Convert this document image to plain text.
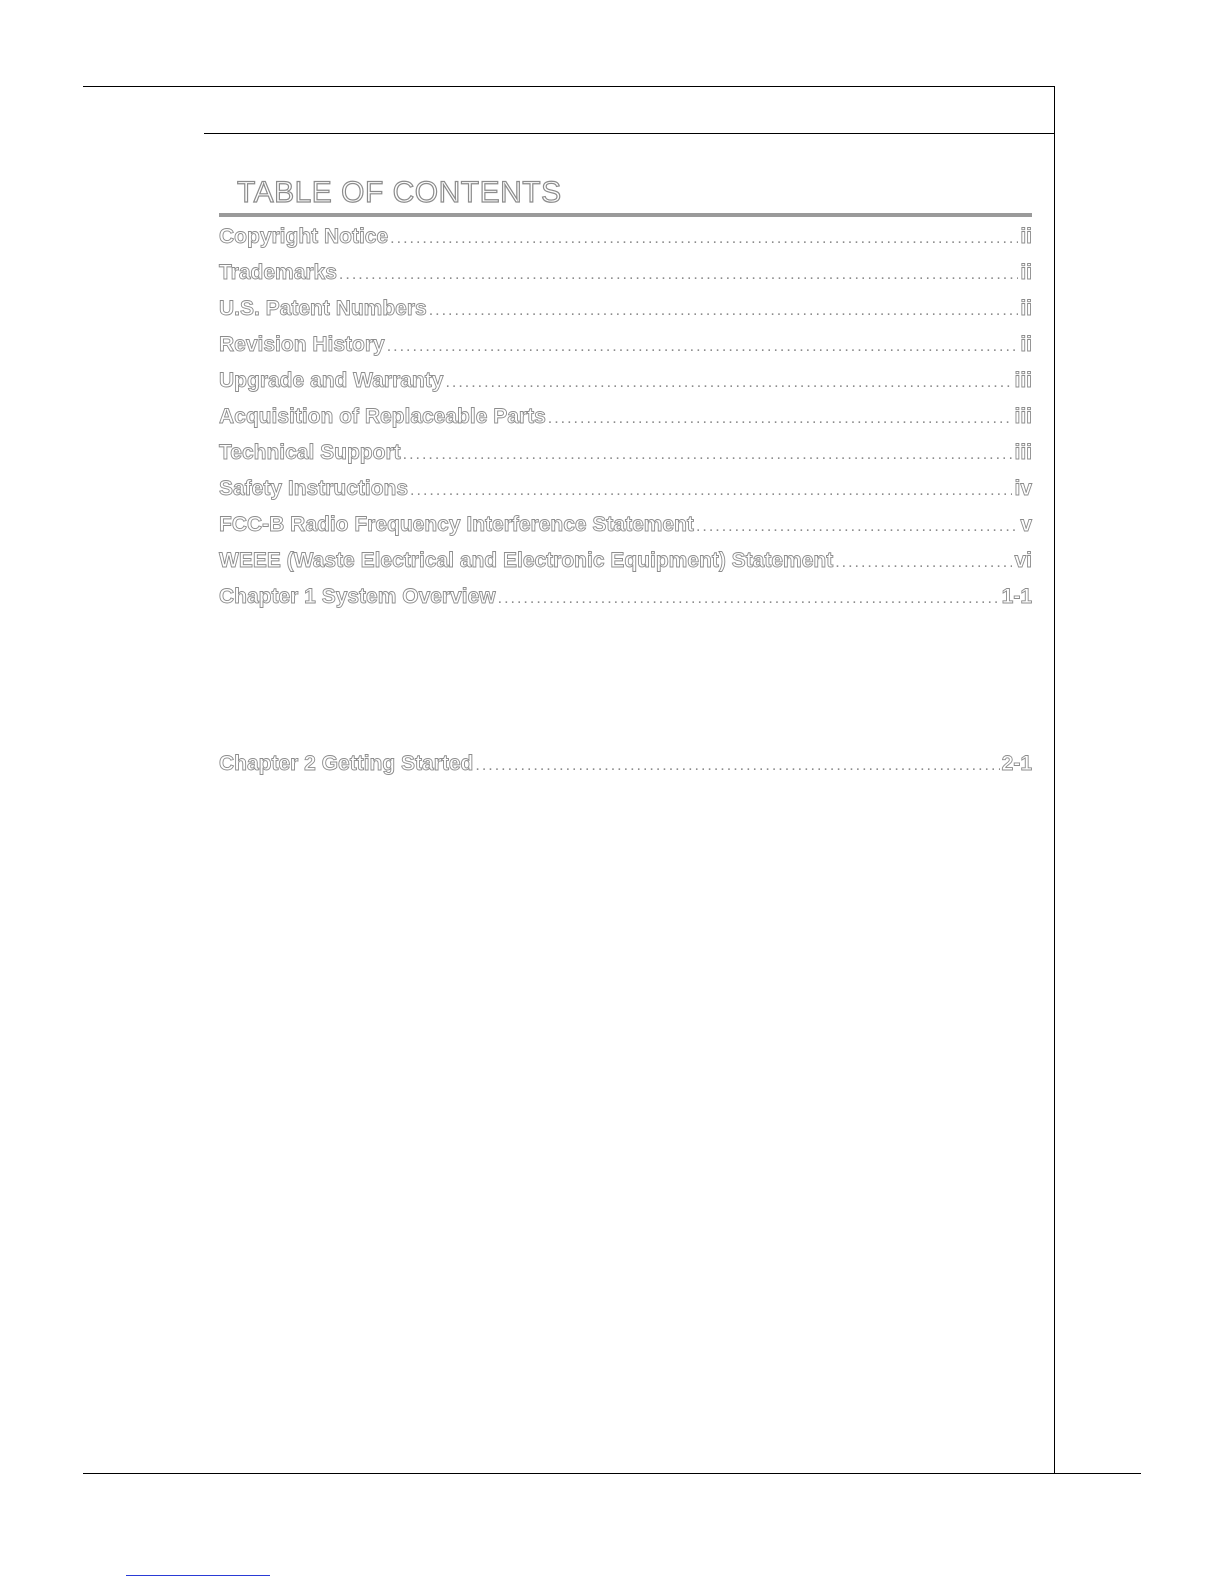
TABLE OF CONTENTS
Copyright Notice .....	ii
Trademarks .....	ii
U.S. Patent Numbers .....	ii
Revision History .....	ii
Upgrade and Warranty .....	iii
Acquisition of Replaceable Parts .....	iii
Technical Support .....	iii
Safety Instructions .....	iv
FCC-B Radio Frequency Interference Statement .....	v
WEEE (Waste Electrical and Electronic Equipment) Statement .....	vi
Chapter 1 System Overview .....	1-1
Chapter 2 Getting Started .....	2-1
